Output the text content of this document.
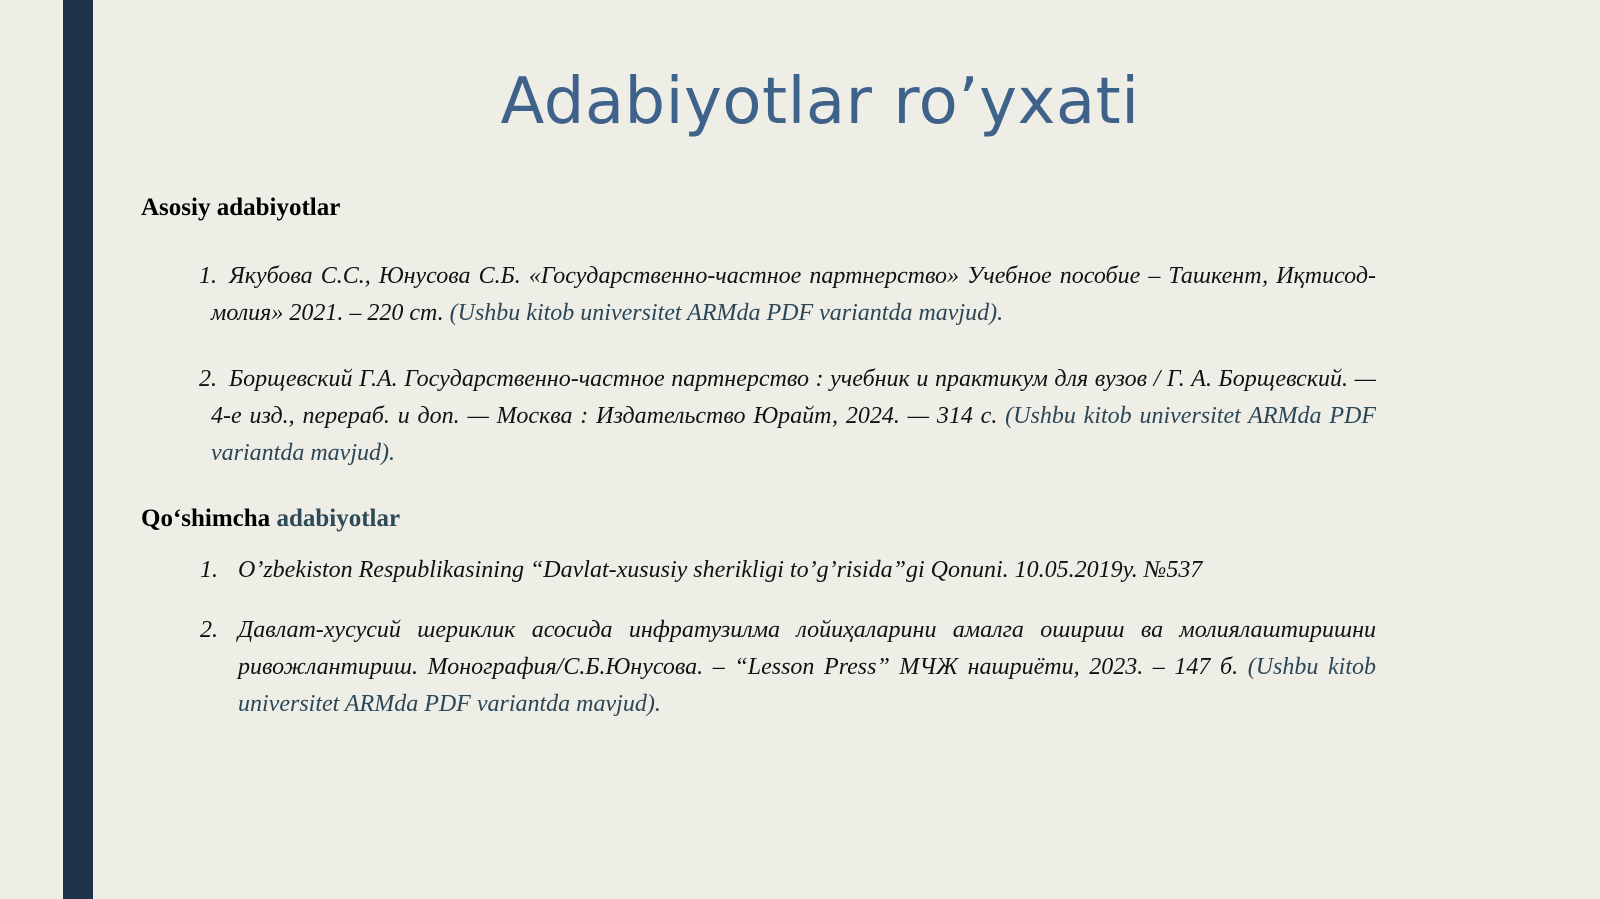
Adabiyotlar ro’yxati
Asosiy adabiyotlar
1. Якубова С.С., Юнусова С.Б. «Государственно-частное партнерство» Учебное пособие – Ташкент, Иқтисод-молия» 2021. – 220 ст. (Ushbu kitob universitet ARMda PDF variantda mavjud).
2. Борщевский Г.А. Государственно-частное партнерство : учебник и практикум для вузов / Г. А. Борщевский. — 4-е изд., перераб. и доп. — Москва : Издательство Юрайт, 2024. — 314 с. (Ushbu kitob universitet ARMda PDF variantda mavjud).
Qo‘shimcha adabiyotlar
1. O’zbekiston Respublikasining “Davlat-xususiy sherikligi to’g’risida”gi Qonuni. 10.05.2019у. №537
2. Давлат-хусусий шериклик асосида инфратузилма лойиҳаларини амалга ошириш ва молиялаштиришни ривожлантириш. Монография/С.Б.Юнусова. – “Lesson Press” МЧЖ нашриёти, 2023. – 147 б. (Ushbu kitob universitet ARMda PDF variantda mavjud).
